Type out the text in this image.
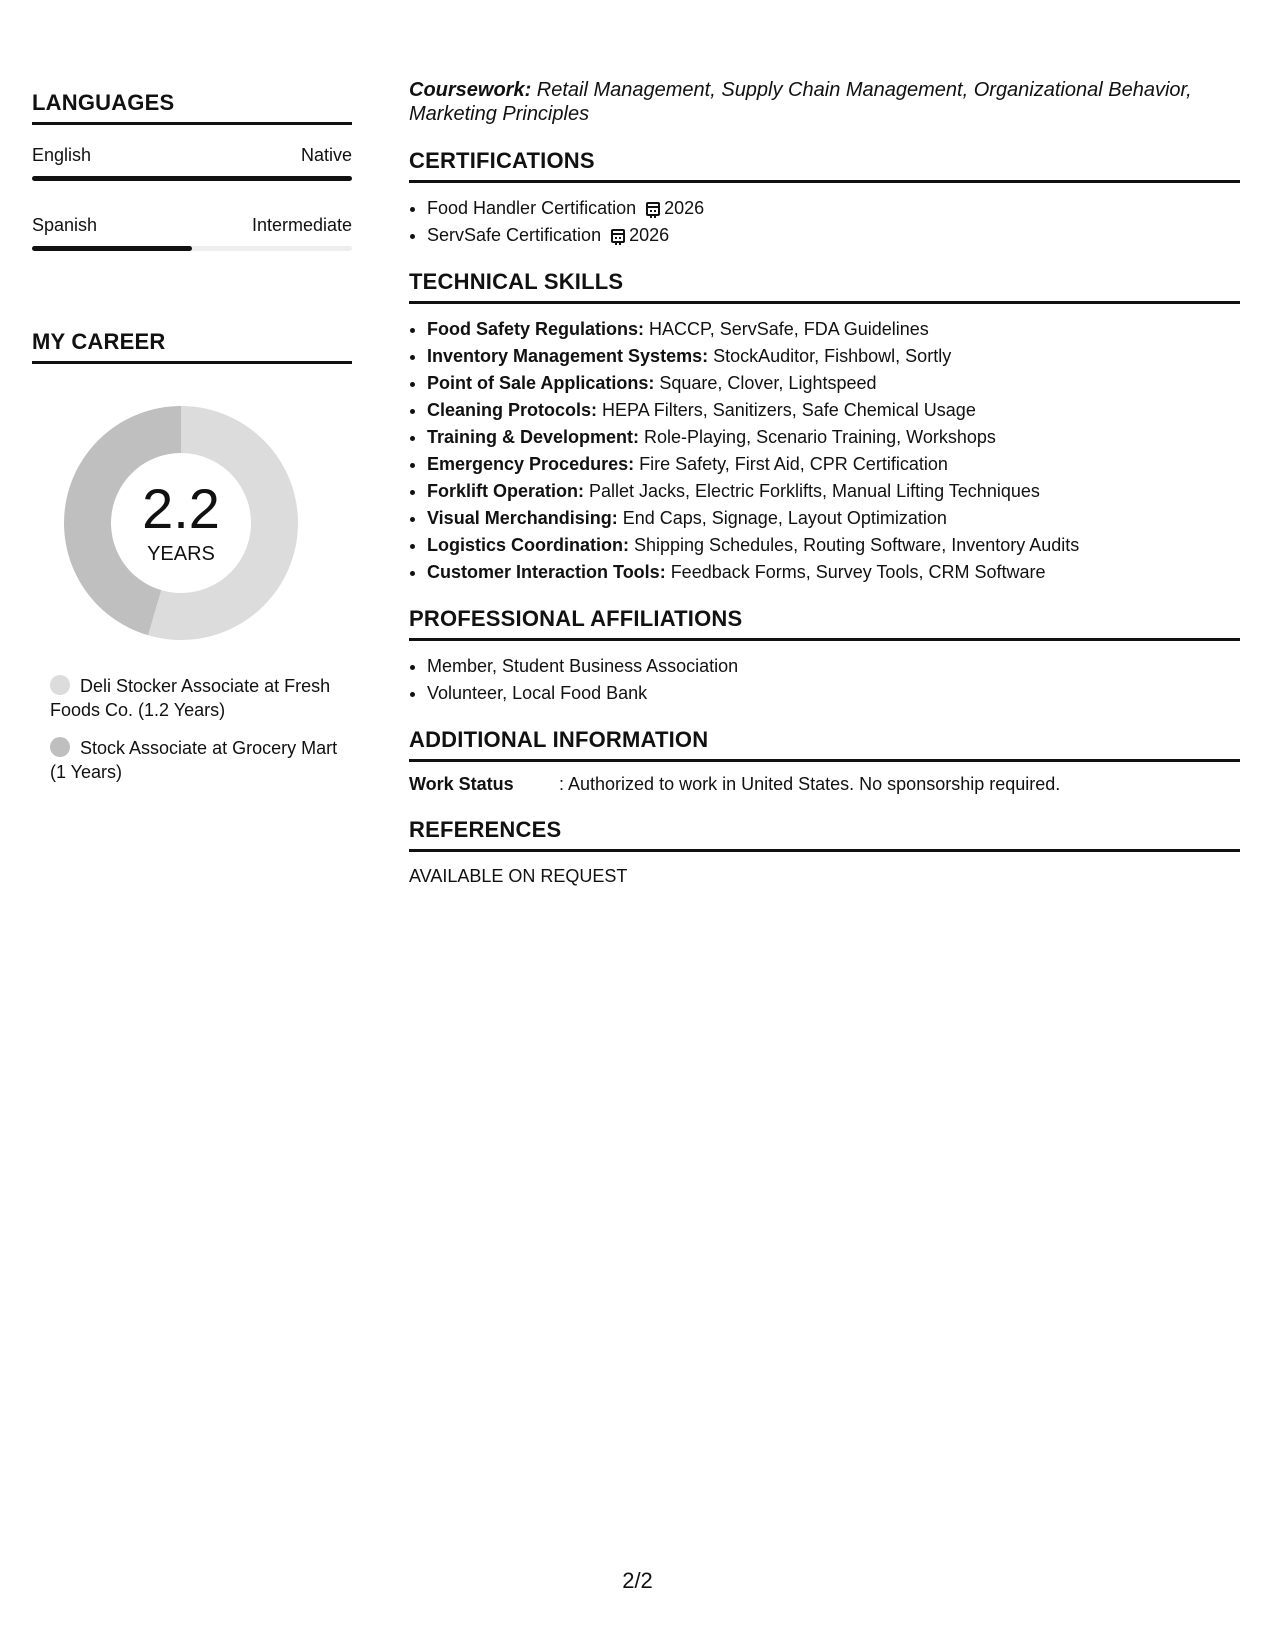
LANGUAGES
English	Native
Spanish	Intermediate
MY CAREER
2.2
YEARS
Deli Stocker Associate at Fresh Foods Co. (1.2 Years)
Stock Associate at Grocery Mart (1 Years)

Coursework: Retail Management, Supply Chain Management, Organizational Behavior, Marketing Principles

CERTIFICATIONS
• Food Handler Certification 2026
• ServSafe Certification 2026
TECHNICAL SKILLS
• Food Safety Regulations: HACCP, ServSafe, FDA Guidelines
• Inventory Management Systems: StockAuditor, Fishbowl, Sortly
• Point of Sale Applications: Square, Clover, Lightspeed
• Cleaning Protocols: HEPA Filters, Sanitizers, Safe Chemical Usage
• Training & Development: Role-Playing, Scenario Training, Workshops
• Emergency Procedures: Fire Safety, First Aid, CPR Certification
• Forklift Operation: Pallet Jacks, Electric Forklifts, Manual Lifting Techniques
• Visual Merchandising: End Caps, Signage, Layout Optimization
• Logistics Coordination: Shipping Schedules, Routing Software, Inventory Audits
• Customer Interaction Tools: Feedback Forms, Survey Tools, CRM Software
PROFESSIONAL AFFILIATIONS
• Member, Student Business Association
• Volunteer, Local Food Bank
ADDITIONAL INFORMATION
Work Status	: Authorized to work in United States. No sponsorship required.
REFERENCES
AVAILABLE ON REQUEST
2/2
